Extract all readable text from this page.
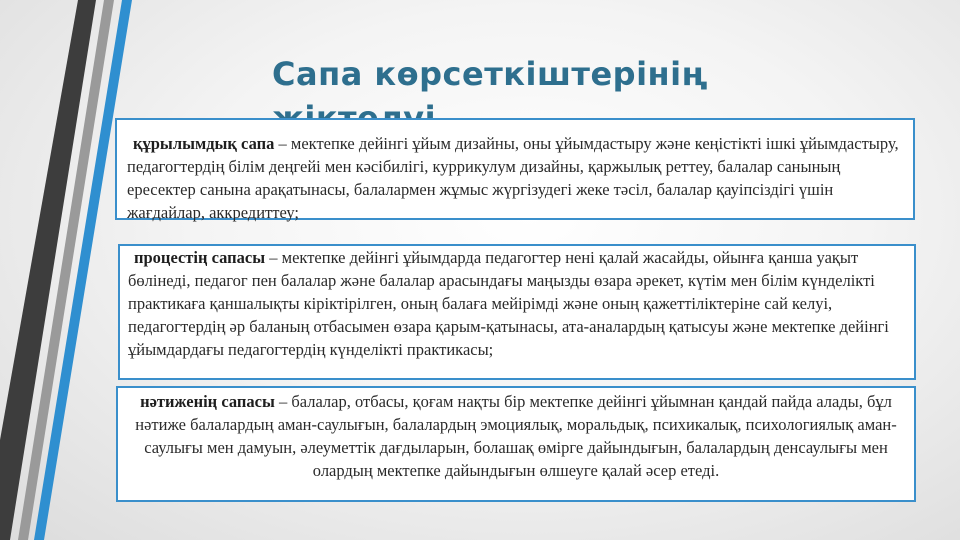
Сапа көрсеткіштерінің
құрылымдық сапа – мектепке дейінгі ұйым дизайны, оны ұйымдастыру және кеңістікті ішкі ұйымдастыру, педагогтердің білім деңгейі мен кәсібилігі, куррикулум дизайны, қаржылық реттеу, балалар санының ересектер санына арақатынасы, балалармен жұмыс жүргізудегі жеке тәсіл, балалар қауіпсіздігі үшін жағдайлар, аккредиттеу;
процестің сапасы – мектепке дейінгі ұйымдарда педагогтер нені қалай жасайды, ойынға қанша уақыт бөлінеді, педагог пен балалар және балалар арасындағы маңызды өзара әрекет, күтім мен білім күнделікті практикаға қаншалықты кіріктірілген, оның балаға мейірімді және оның қажеттіліктеріне сай келуі, педагогтердің әр баланың отбасымен өзара қарым-қатынасы, ата-аналардың қатысуы және мектепке дейінгі ұйымдардағы педагогтердің күнделікті практикасы;
нәтиженің сапасы – балалар, отбасы, қоғам нақты бір мектепке дейінгі ұйымнан қандай пайда алады, бұл нәтиже балалардың аман-саулығын, балалардың эмоциялық, моральдық, психикалық, психологиялық аман-саулығы мен дамуын, әлеуметтік дағдыларын, болашақ өмірге дайындығын, балалардың денсаулығы мен олардың мектепке дайындығын өлшеуге қалай әсер етеді.
